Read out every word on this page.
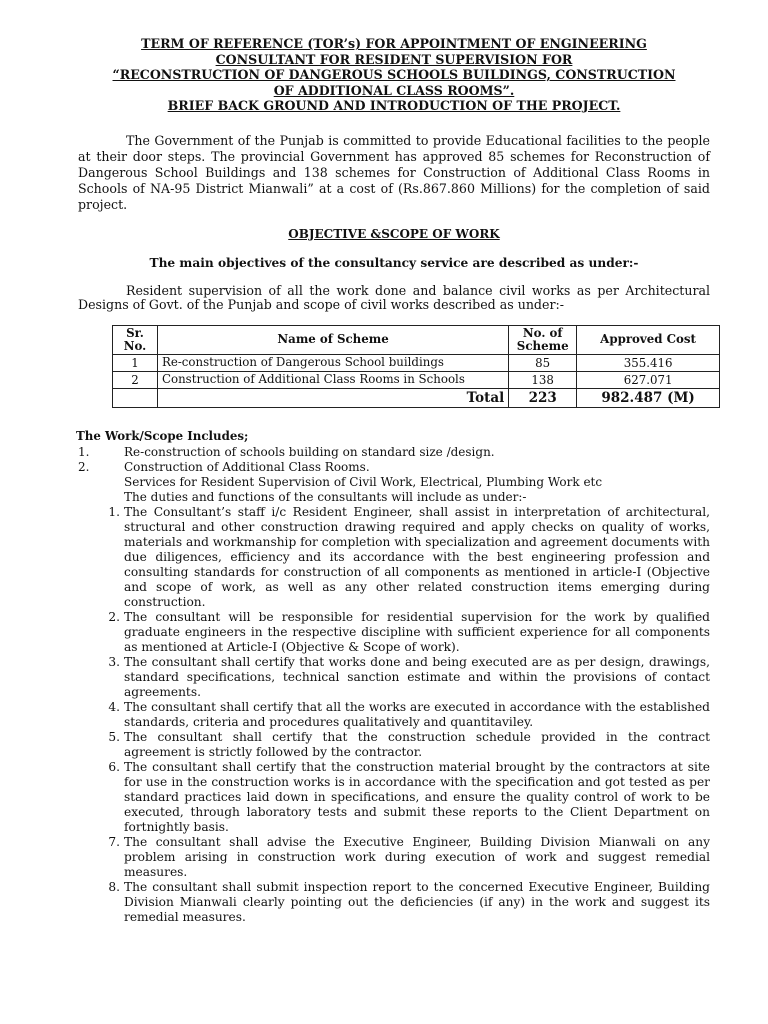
TERM OF REFERENCE (TOR’s) FOR APPOINTMENT OF ENGINEERING

CONSULTANT FOR RESIDENT SUPERVISION FOR

“RECONSTRUCTION OF DANGEROUS SCHOOLS BUILDINGS, CONSTRUCTION

OF ADDITIONAL CLASS ROOMS”.

BRIEF BACK GROUND AND INTRODUCTION OF THE PROJECT.

The Government of the Punjab is committed to provide Educational facilities to the people at their door steps. The provincial Government has approved 85 schemes for Reconstruction of Dangerous School Buildings and 138 schemes for Construction of Additional Class Rooms in Schools of NA-95 District Mianwali” at a cost of (Rs.867.860 Millions) for the completion of said project.

OBJECTIVE &SCOPE OF WORK

The main objectives of the consultancy service are described as under:-

Resident supervision of all the work done and balance civil works as per Architectural Designs of Govt. of the Punjab and scope of civil works described as under:-

Sr. No.	Name of Scheme	No. of Scheme	Approved Cost
1	Re-construction of Dangerous School buildings	85	355.416
2	Construction of Additional Class Rooms in Schools	138	627.071
	Total	223	982.487 (M)

The Work/Scope Includes;

1.	Re-construction of schools building on standard size /design.
2.	Construction of Additional Class Rooms.
Services for Resident Supervision of Civil Work, Electrical, Plumbing Work etc
The duties and functions of the consultants will include as under:-
1. The Consultant’s staff i/c Resident Engineer, shall assist in interpretation of architectural, structural and other construction drawing required and apply checks on quality of works, materials and workmanship for completion with specialization and agreement documents with due diligences, efficiency and its accordance with the best engineering profession and consulting standards for construction of all components as mentioned in article-I (Objective and scope of work, as well as any other related construction items emerging during construction.
2. The consultant will be responsible for residential supervision for the work by qualified graduate engineers in the respective discipline with sufficient experience for all components as mentioned at Article-I (Objective & Scope of work).
3. The consultant shall certify that works done and being executed are as per design, drawings, standard specifications, technical sanction estimate and within the provisions of contact agreements.
4. The consultant shall certify that all the works are executed in accordance with the established standards, criteria and procedures qualitatively and quantitaviley.
5. The consultant shall certify that the construction schedule provided in the contract agreement is strictly followed by the contractor.
6. The consultant shall certify that the construction material brought by the contractors at site for use in the construction works is in accordance with the specification and got tested as per standard practices laid down in specifications, and ensure the quality control of work to be executed, through laboratory tests and submit these reports to the Client Department on fortnightly basis.
7. The consultant shall advise the Executive Engineer, Building Division Mianwali on any problem arising in construction work during execution of work and suggest remedial measures.
8. The consultant shall submit inspection report to the concerned Executive Engineer, Building Division Mianwali clearly pointing out the deficiencies (if any) in the work and suggest its remedial measures.
